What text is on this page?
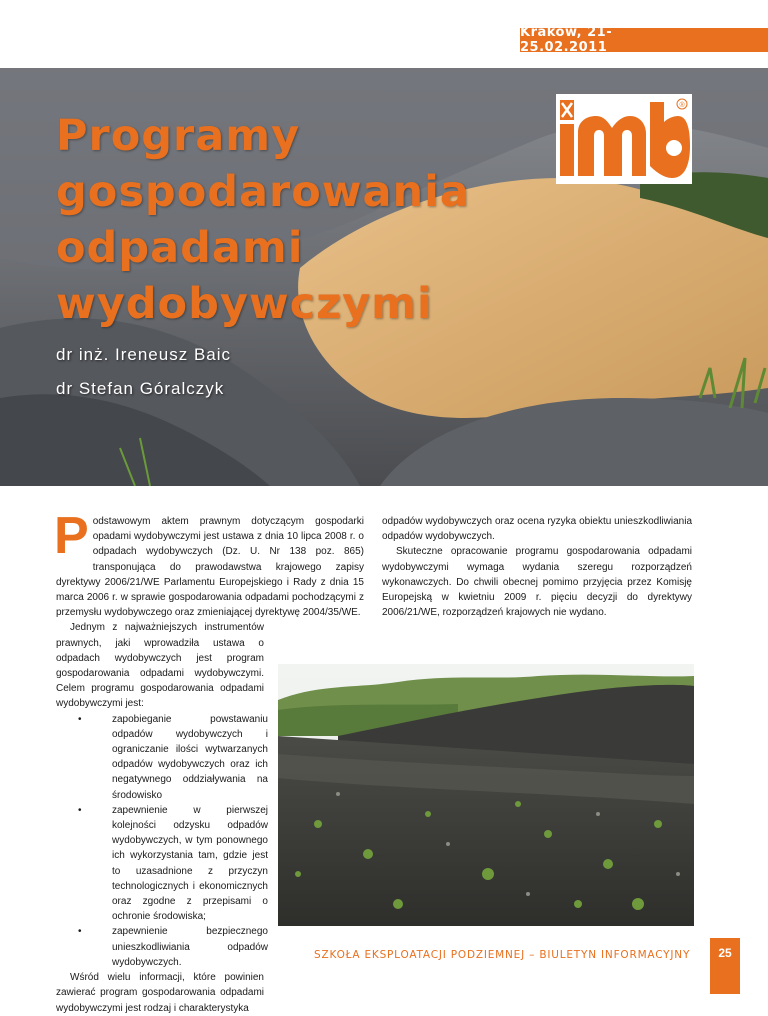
Kraków, 21-25.02.2011
Programy
gospodarowania
odpadami
wydobywczymi
dr inż. Ireneusz Baic
dr Stefan Góralczyk
®
P odstawowym aktem prawnym dotyczącym gospodarki opadami wydobywczymi jest ustawa z dnia 10 lipca 2008 r. o odpadach wydobywczych (Dz. U. Nr 138 poz. 865) transponująca do prawodawstwa krajowego zapisy dyrektywy 2006/21/WE Parlamentu Europejskiego i Rady z dnia 15 marca 2006 r. w sprawie gospodarowania odpadami pochodzącymi z przemysłu wydobywczego oraz zmieniającej dyrektywę 2004/35/WE.

Jednym z najważniejszych instrumentów prawnych, jaki wprowadziła ustawa o odpadach wydobywczych jest program gospodarowania odpadami wydobywczymi. Celem programu gospodarowania odpadami wydobywczymi jest:

• zapobieganie powstawaniu odpadów wydobywczych i ograniczanie ilości wytwarzanych odpadów wydobywczych oraz ich negatywnego oddziaływania na środowisko
• zapewnienie w pierwszej kolejności odzysku odpadów wydobywczych, w tym ponownego ich wykorzystania tam, gdzie jest to uzasadnione z przyczyn technologicznych i ekonomicznych oraz zgodne z przepisami o ochronie środowiska;
• zapewnienie bezpiecznego unieszkodliwiania odpadów wydobywczych.

Wśród wielu informacji, które powinien zawierać program gospodarowania odpadami wydobywczymi jest rodzaj i charakterystyka

odpadów wydobywczych oraz ocena ryzyka obiektu unieszkodliwiania odpadów wydobywczych.

Skuteczne opracowanie programu gospodarowania odpadami wydobywczymi wymaga wydania szeregu rozporządzeń wykonawczych. Do chwili obecnej pomimo przyjęcia przez Komisję Europejską w kwietniu 2009 r. pięciu decyzji do dyrektywy 2006/21/WE, rozporządzeń krajowych nie wydano.

SZKOŁA EKSPLOATACJI PODZIEMNEJ – BIULETYN INFORMACYJNY 25
